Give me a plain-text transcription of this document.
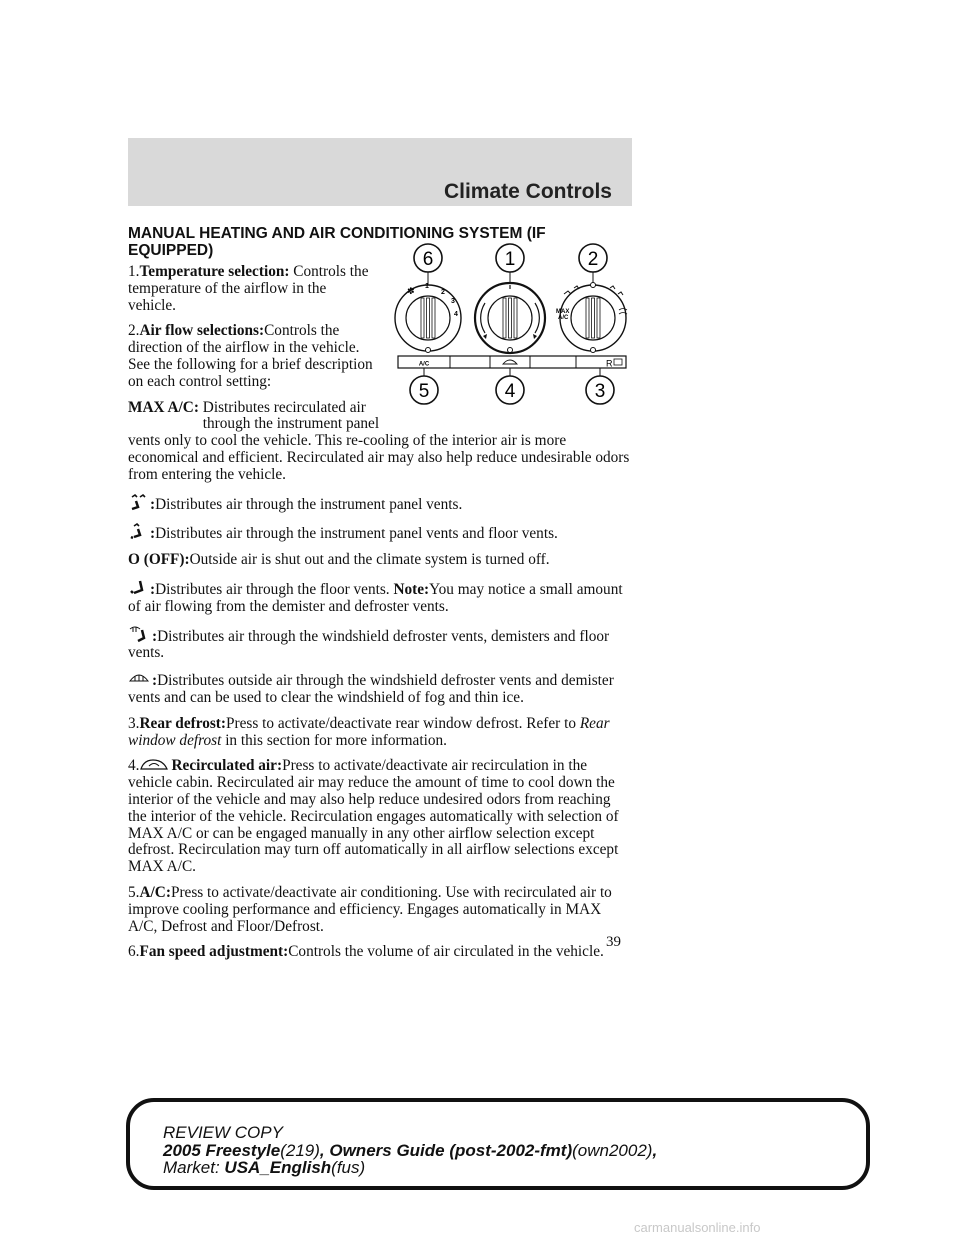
Climate Controls
MANUAL HEATING AND AIR CONDITIONING SYSTEM (IF EQUIPPED)	6	1	2
✽
1
2
3
4	MAX
A/C
A/C	R
5	4	3

1.Temperature selection: Controls the temperature of the airflow in the vehicle.

2.Air flow selections:Controls the direction of the airflow in the vehicle. See the following for a brief description on each control setting:

MAX A/C: Distributes recirculated air through the instrument panel
vents only to cool the vehicle. This re-cooling of the interior air is more economical and efficient. Recirculated air may also help reduce undesirable odors from entering the vehicle.

:Distributes air through the instrument panel vents.

:Distributes air through the instrument panel vents and floor vents.

O (OFF):Outside air is shut out and the climate system is turned off.

:Distributes air through the floor vents. Note:You may notice a small amount of air flowing from the demister and defroster vents.

:Distributes air through the windshield defroster vents, demisters and floor vents.

:Distributes outside air through the windshield defroster vents and demister vents and can be used to clear the windshield of fog and thin ice.

3.Rear defrost:Press to activate/deactivate rear window defrost. Refer to Rear window defrost in this section for more information.

4. Recirculated air:Press to activate/deactivate air recirculation in the vehicle cabin. Recirculated air may reduce the amount of time to cool down the interior of the vehicle and may also help reduce undesired odors from reaching the interior of the vehicle. Recirculation engages automatically with selection of MAX A/C or can be engaged manually in any other airflow selection except defrost. Recirculation may turn off automatically in all airflow selections except MAX A/C.

5.A/C:Press to activate/deactivate air conditioning. Use with recirculated air to improve cooling performance and efficiency. Engages automatically in MAX A/C, Defrost and Floor/Defrost.

6.Fan speed adjustment:Controls the volume of air circulated in the vehicle.

39
REVIEW COPY
2005 Freestyle(219), Owners Guide (post-2002-fmt)(own2002),
Market: USA_English(fus)
carmanualsonline.info
